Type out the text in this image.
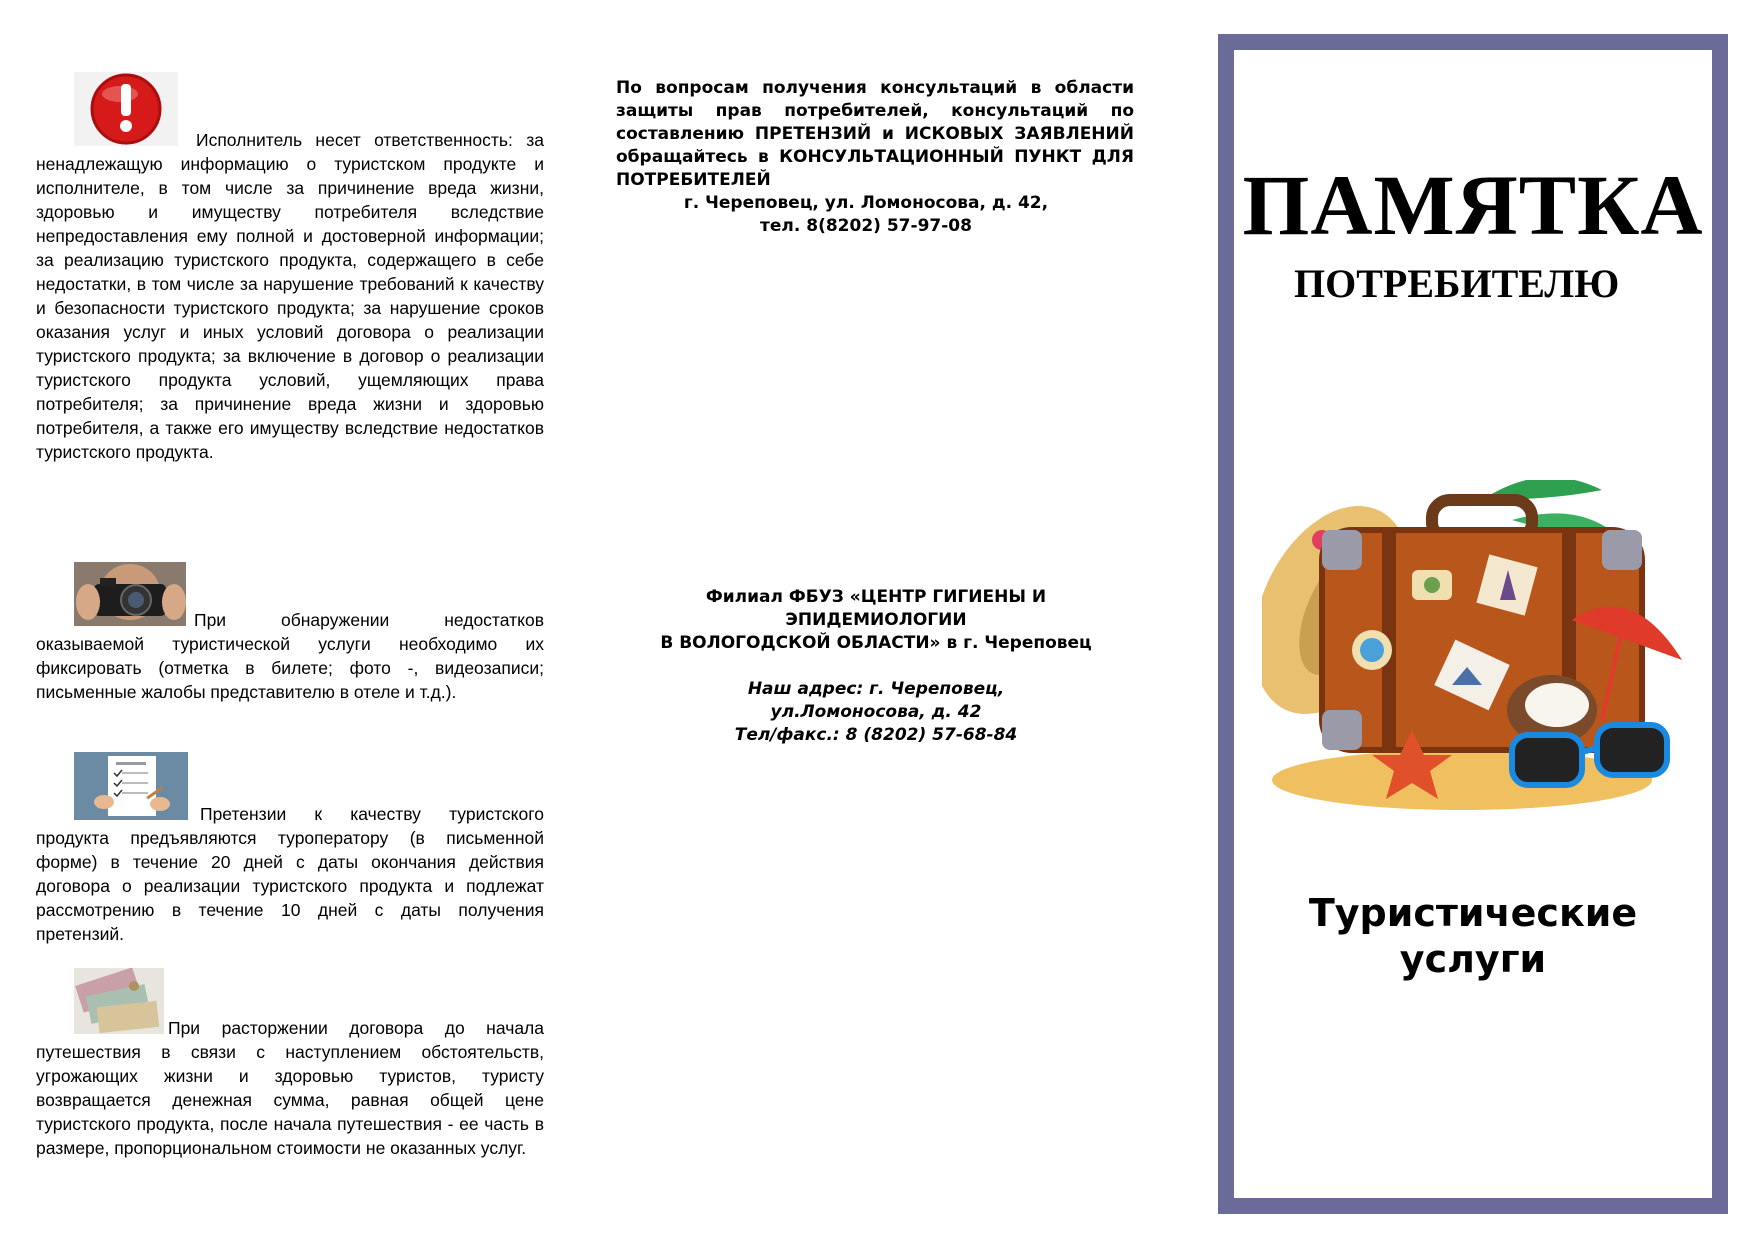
Исполнитель несет ответственность: за ненадлежащую информацию о туристском продукте и исполнителе, в том числе за причинение вреда жизни, здоровью и имуществу потребителя вследствие непредоставления ему полной и достоверной информации; за реализацию туристского продукта, содержащего в себе недостатки, в том числе за нарушение требований к качеству и безопасности туристского продукта; за нарушение сроков оказания услуг и иных условий договора о реализации туристского продукта; за включение в договор о реализации туристского продукта условий, ущемляющих права потребителя; за причинение вреда жизни и здоровью потребителя, а также его имуществу вследствие недостатков туристского продукта.

При обнаружении недостатков оказываемой туристической услуги необходимо их фиксировать (отметка в билете; фото -, видеозаписи; письменные жалобы представителю в отеле и т.д.).

Претензии к качеству туристского продукта предъявляются туроператору (в письменной форме) в течение 20 дней с даты окончания действия договора о реализации туристского продукта и подлежат рассмотрению в течение 10 дней с даты получения претензий.

При расторжении договора до начала путешествия в связи с наступлением обстоятельств, угрожающих жизни и здоровью туристов, туристу возвращается денежная сумма, равная общей цене туристского продукта, после начала путешествия - ее часть в размере, пропорциональном стоимости не оказанных услуг.

По вопросам получения консультаций в области защиты прав потребителей, консультаций по составлению ПРЕТЕНЗИЙ и ИСКОВЫХ ЗАЯВЛЕНИЙ обращайтесь в КОНСУЛЬТАЦИОННЫЙ ПУНКТ ДЛЯ ПОТРЕБИТЕЛЕЙ

г. Череповец, ул. Ломоносова, д. 42,

тел. 8(8202) 57-97-08

Филиал ФБУЗ «ЦЕНТР ГИГИЕНЫ И

ЭПИДЕМИОЛОГИИ

В ВОЛОГОДСКОЙ ОБЛАСТИ» в г. Череповец

Наш адрес: г. Череповец,

ул.Ломоносова, д. 42

Тел/факс.: 8 (8202) 57-68-84

ПАМЯТКА
ПОТРЕБИТЕЛЮ
Туристические
услуги
